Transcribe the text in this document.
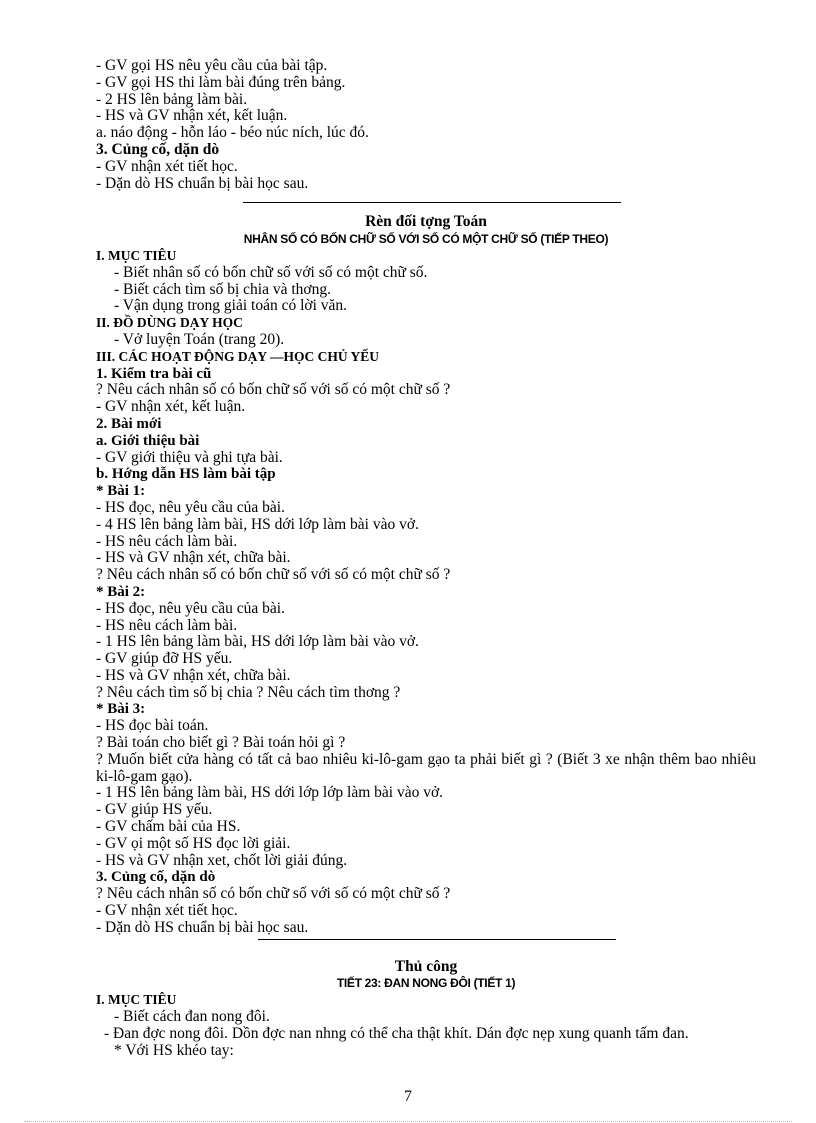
- GV gọi HS nêu yêu cầu của bài tập.
- GV gọi HS thi làm bài đúng trên bảng.
- 2 HS lên bảng làm bài.
- HS và GV nhận xét, kết luận.
a. náo động - hỗn láo - béo núc ních, lúc đó.
3. Củng cố, dặn dò
- GV nhận xét tiết học.
- Dặn dò HS chuẩn bị bài học sau.
Rèn đối tợng Toán
NHÂN SỐ CÓ BỐN CHỮ SỐ VỚI SỐ CÓ MỘT CHỮ SỐ (TIẾP THEO)
I. MỤC TIÊU
- Biết nhân số có bốn chữ số với số có một chữ số.
- Biết cách tìm số bị chia và thơng.
- Vận dụng trong giải toán có lời văn.
II. ĐỒ DÙNG DẠY HỌC
- Vở luyện Toán (trang 20).
III. CÁC HOẠT ĐỘNG DẠY —HỌC CHỦ YẾU
1. Kiểm tra bài cũ
? Nêu cách nhân số có bốn chữ số với số có một chữ số ?
- GV nhận xét, kết luận.
2. Bài mới
a. Giới thiệu bài
- GV giới thiệu và ghi tựa bài.
b. Hớng dẫn HS làm bài tập
* Bài 1:
- HS đọc, nêu yêu cầu của bài.
- 4 HS lên bảng làm bài, HS dới lớp làm bài vào vở.
- HS nêu cách làm bài.
- HS và GV nhận xét, chữa bài.
? Nêu cách nhân số có bốn chữ số với số có một chữ số ?
* Bài 2:
- HS đọc, nêu yêu cầu của bài.
- HS nêu cách làm bài.
- 1 HS lên bảng làm bài, HS dới lớp làm bài vào vở.
- GV giúp đỡ HS yếu.
- HS và GV nhận xét, chữa bài.
? Nêu cách tìm số bị chia ? Nêu cách tìm thơng ?
* Bài 3:
- HS đọc bài toán.
? Bài toán cho biết gì ? Bài toán hỏi gì ?
? Muốn biết cửa hàng có tất cả bao nhiêu ki-lô-gam gạo ta phải biết gì ? (Biết 3 xe nhận thêm bao nhiêu ki-lô-gam gạo).
- 1 HS lên bảng làm bài, HS dới lớp lớp làm bài vào vở.
- GV giúp HS yếu.
- GV chấm bài của HS.
- GV ọi một số HS đọc lời giải.
- HS và GV nhận xet, chốt lời giải đúng.
3. Củng cố, dặn dò
? Nêu cách nhân số có bốn chữ số với số có một chữ số ?
- GV nhận xét tiết học.
- Dặn dò HS chuẩn bị bài học sau.
Thủ công
TIẾT 23: ĐAN NONG ĐÔI (TIẾT 1)
I. MỤC TIÊU
- Biết cách đan nong đôi.
- Đan đợc nong đôi. Dồn đợc nan nhng có thể cha thật khít. Dán đợc nẹp xung quanh tấm đan.
* Với HS khéo tay:
7
